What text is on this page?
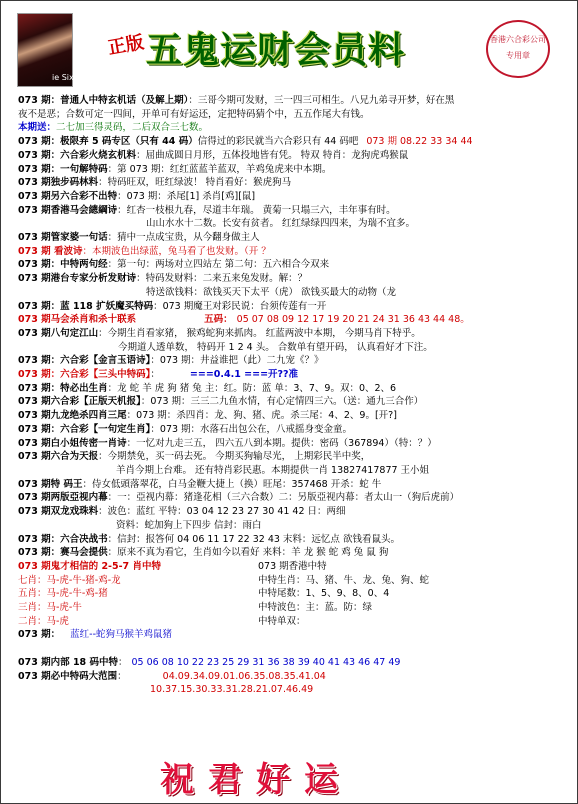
ie Six
正版 五鬼运财会员料	香港六合彩公司
专用章
073 期：普通人中特玄机话（及解上期）：三哥今期可发财，三一四三可相生。八兄九弟寻开梦，好在黑
夜不是恶；合数可定一四间，开单可有好运还，定把特码猜个中，五五作尾大有钱。
本期送：二七加三得灵码，二后双合三七数。
073 期：极限弃 5 码专区（只有 44 码）信得过的彩民就当六合彩只有 44 码吧 073 期 08.22 33 34 44
073 期：六合彩火烧玄机料：屈曲成圆日月形，五体投地皆有凭。 特双 特肖：龙狗虎鸡猴鼠
073 期：一句解特码：第 073 期：红红蓝蓝羊蓝双，羊鸡兔虎来中本期。
073 期独步码林料：特码旺双，旺红绿波！ 特肖看好：猴虎狗马
073 期另六合彩不出特：073 期：杀尾[1] 杀肖[鸡][鼠]
073 期香港马会總綱诗：红杏一枝根九春，尽道丰年瑞。 黄菊一只塌三六，丰年事有时。
山山水水十二数。长安有贫者。 红红绿绿四四来，为瑞不宜多。
073 期管家婆一句话：猜中一点成宝贵，从今翻身做主人
073 期 看波诗：本期波色出绿蓝，兔马看了也发财。（开 ？
073 期：中特两句经：第一句：两场对立四站左 第二句：五六相合今双来
073 期港台专家分析发财诗：特码发财料：二来五来兔发财。解：？
特送欲钱料：欲钱买天下太平（虎） 欲钱买最大的动物（龙
073 期：蓝 118 扩妖魔买特码：073 期魔王对彩民说：台须传莲有一开
073 期马会杀肖和杀十联系	五码： 05 07 08 09 12 17 19 20 21 24 31 36 43 44 48。
073 期八句定江山：今期生肖看家猪， 猴鸡蛇狗来抓肉。 红蓝两波中本期， 今期马肖下特乎。
今期道人透单数， 特码开 1 2 4 头。 合数单有望开码， 认真看好才下注。
073 期：六合彩【金言玉语诗】：073 期：井益谁把（此）二九宠《？》
073 期：六合彩【三头中特码】：	===0.4.1 ===开??准
073 期：特必出生肖：龙 蛇 羊 虎 狗 猪 兔 主：红。防：蓝 单：3、7、9。双：0、2、6
073 期六合彩【正版天机报】：073 期：三三二九鱼水情，有心定情四三六。（送：通九三合作）
073 期九龙绝杀四肖三尾：073 期：杀四肖：龙、狗、猪、虎。杀三尾：4、2、9。[开?]
073 期：六合彩【一句定生肖】：073 期：水落石出包公在，八戒摇身变金童。
073 期白小姐传密一肖诗：一忆对九走三五， 四六五八到本期。提供：密码（367894）（特：？）
073 期六合为天报：今期禁免，买一码去死。 今期买狗输尽光， 上期彩民半中奖，
羊肖今期上台难。 还有特肖彩民惠。本期提供一肖 13827417877 王小姐
073 期特 码王：侍女低頭落翠花，白马金鞭大捷上（换）旺尾：357468 开杀：蛇 牛
073 期两版亞视内幕：一：亞视内幕：猪逢花相（三六合数）二：另版亞视内幕：者太山一（狗后虎前）
073 期双龙戏珠料：波色：蓝红 平特：03 04 12 23 27 30 41 42 日：两细
资料：蛇加狗上下四步 信封：雨白
073 期：六合决战书：信封：报答何 04 06 11 17 22 32 43 末料：远忆点 欲钱看鼠头。
073 期：赛马会提供：原来不真为看它，生肖如今以看好 来料：羊 龙 猴 蛇 鸡 兔 鼠 狗
073 期鬼才相信的 2-5-7 肖中特
七肖：马-虎-牛-猪-鸡-龙
五肖：马-虎-牛-鸡-猪
三肖：马-虎-牛
二肖：马-虎
073 期： 蓝红--蛇狗马猴羊鸡鼠猪
073 期香港中特
中特生肖：马、猪、牛、龙、兔、狗、蛇
中特尾数：1、5、9、8、0、4
中特波色：主：蓝。防：绿
中特单双：
073 期内部 18 码中特： 05 06 08 10 22 23 25 29 31 36 38 39 40 41 43 46 47 49
073 期必中特码大范围：	04.09.34.09.01.06.35.08.35.41.04
10.37.15.30.33.31.28.21.07.46.49
祝君好运
